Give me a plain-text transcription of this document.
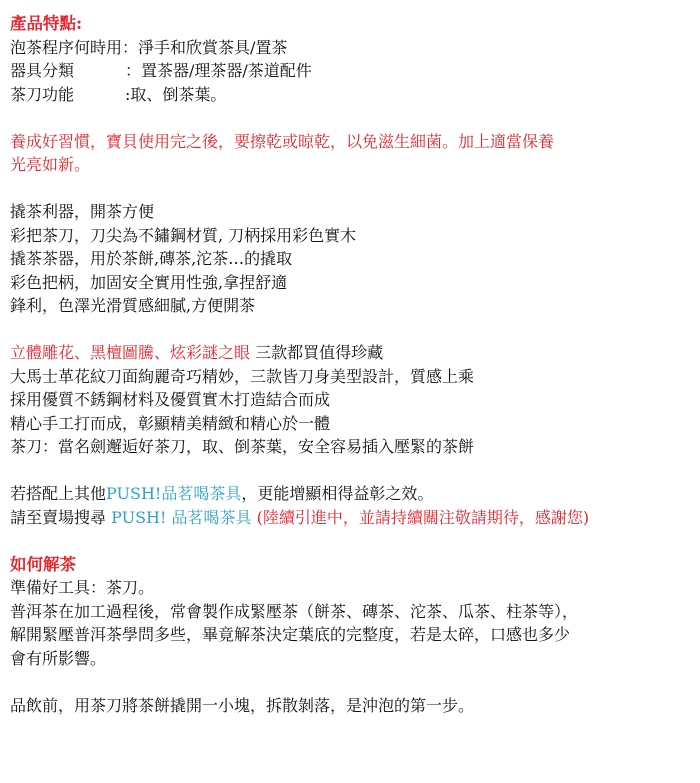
產品特點:
泡茶程序何時用：淨手和欣賞茶具/置茶
器具分類	：置茶器/理茶器/茶道配件
茶刀功能	:取、倒茶葉。
養成好習慣，寶貝使用完之後，要擦乾或晾乾，以免滋生細菌。加上適當保養
光亮如新。
撬茶利器，開茶方便
彩把茶刀，刀尖為不鏽鋼材質, 刀柄採用彩色實木
撬茶茶器，用於茶餅,磚茶,沱茶…的撬取
彩色把柄，加固安全實用性強,拿捏舒適
鋒利，色澤光滑質感細膩,方便開茶
立體雕花、黑檀圖騰、炫彩謎之眼 三款都買值得珍藏
大馬士革花紋刀面絢麗奇巧精妙，三款皆刀身美型設計，質感上乘
採用優質不銹鋼材料及優質實木打造結合而成
精心手工打而成，彰顯精美精緻和精心於一體
茶刀：當名劍邂逅好茶刀，取、倒茶葉，安全容易插入壓緊的茶餅
若搭配上其他PUSH!品茗喝茶具，更能增顯相得益彰之效。
請至賣場搜尋 PUSH! 品茗喝茶具 (陸續引進中，並請持續關注敬請期待，感謝您)
如何解茶
準備好工具：茶刀。
普洱茶在加工過程後，常會製作成緊壓茶（餅茶、磚茶、沱茶、瓜茶、柱茶等），
解開緊壓普洱茶學問多些，畢竟解茶決定葉底的完整度，若是太碎，口感也多少
會有所影響。
品飲前，用茶刀將茶餅撬開一小塊，拆散剝落，是沖泡的第一步。
